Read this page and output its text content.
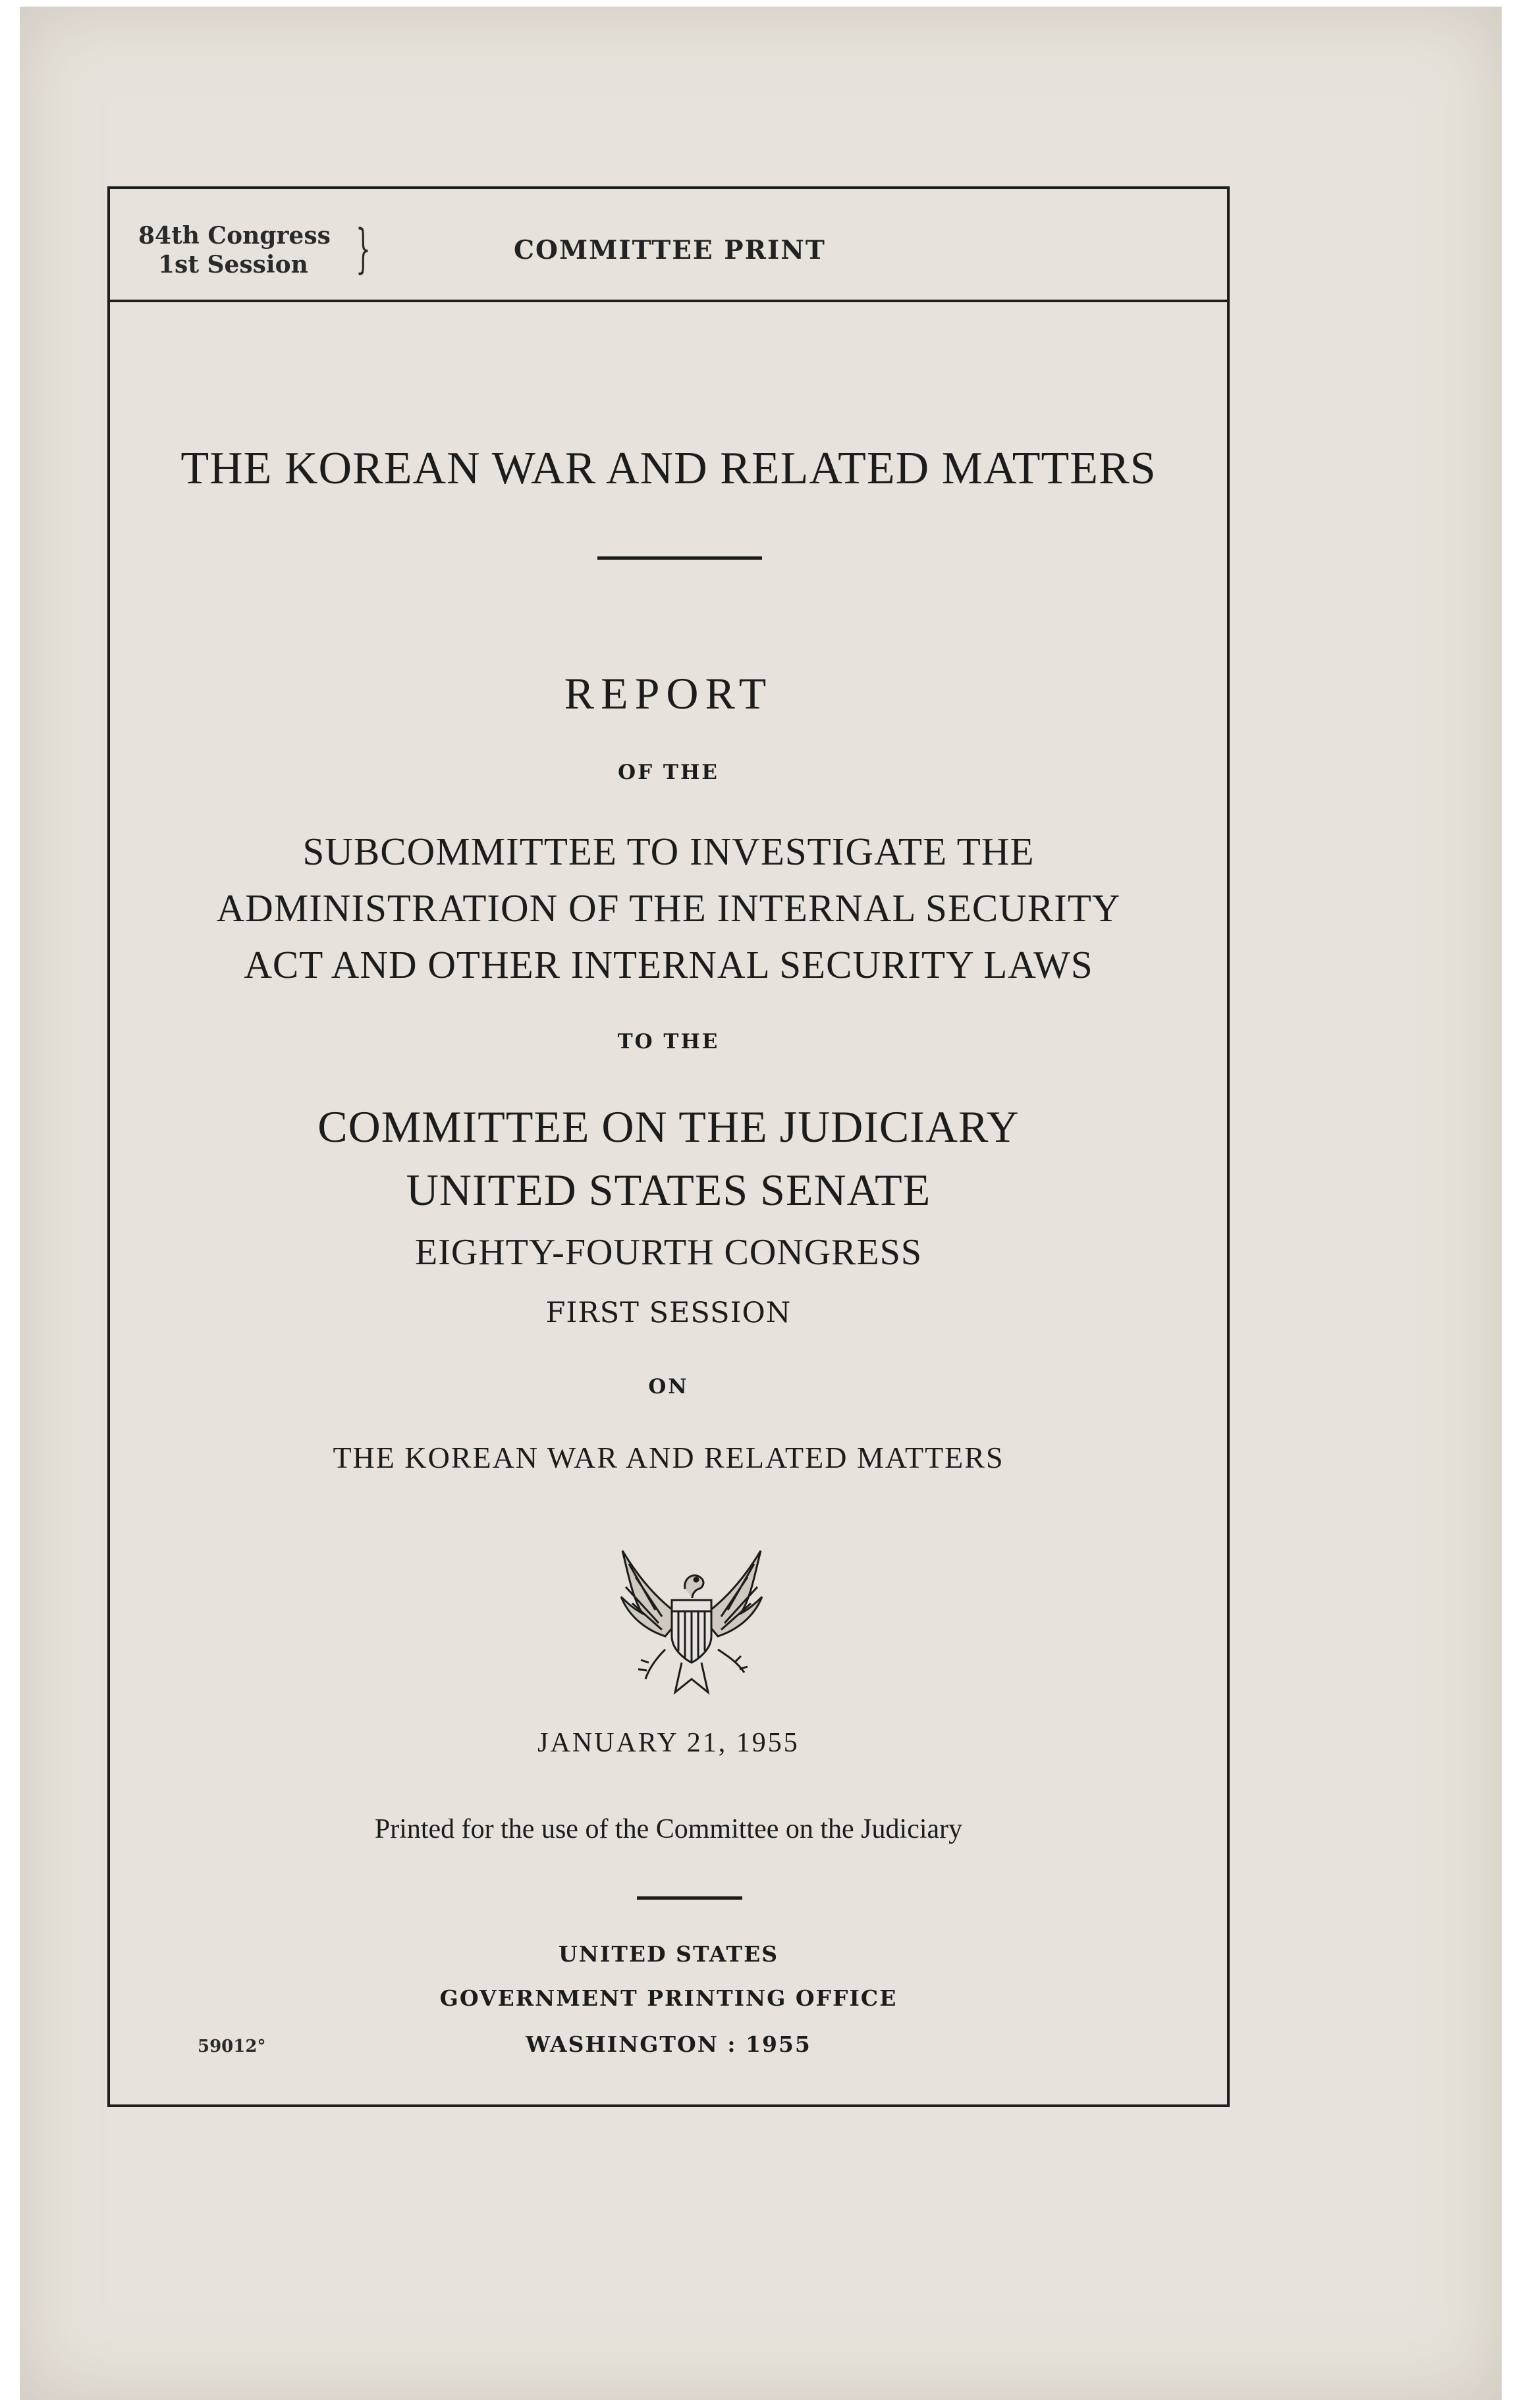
84th Congress
1st Session }	COMMITTEE PRINT
THE KOREAN WAR AND RELATED MATTERS
REPORT
OF THE
SUBCOMMITTEE TO INVESTIGATE THE
ADMINISTRATION OF THE INTERNAL SECURITY
ACT AND OTHER INTERNAL SECURITY LAWS
TO THE
COMMITTEE ON THE JUDICIARY
UNITED STATES SENATE
EIGHTY-FOURTH CONGRESS
FIRST SESSION
ON
THE KOREAN WAR AND RELATED MATTERS
JANUARY 21, 1955
Printed for the use of the Committee on the Judiciary
UNITED STATES
GOVERNMENT PRINTING OFFICE
WASHINGTON : 1955
59012°
